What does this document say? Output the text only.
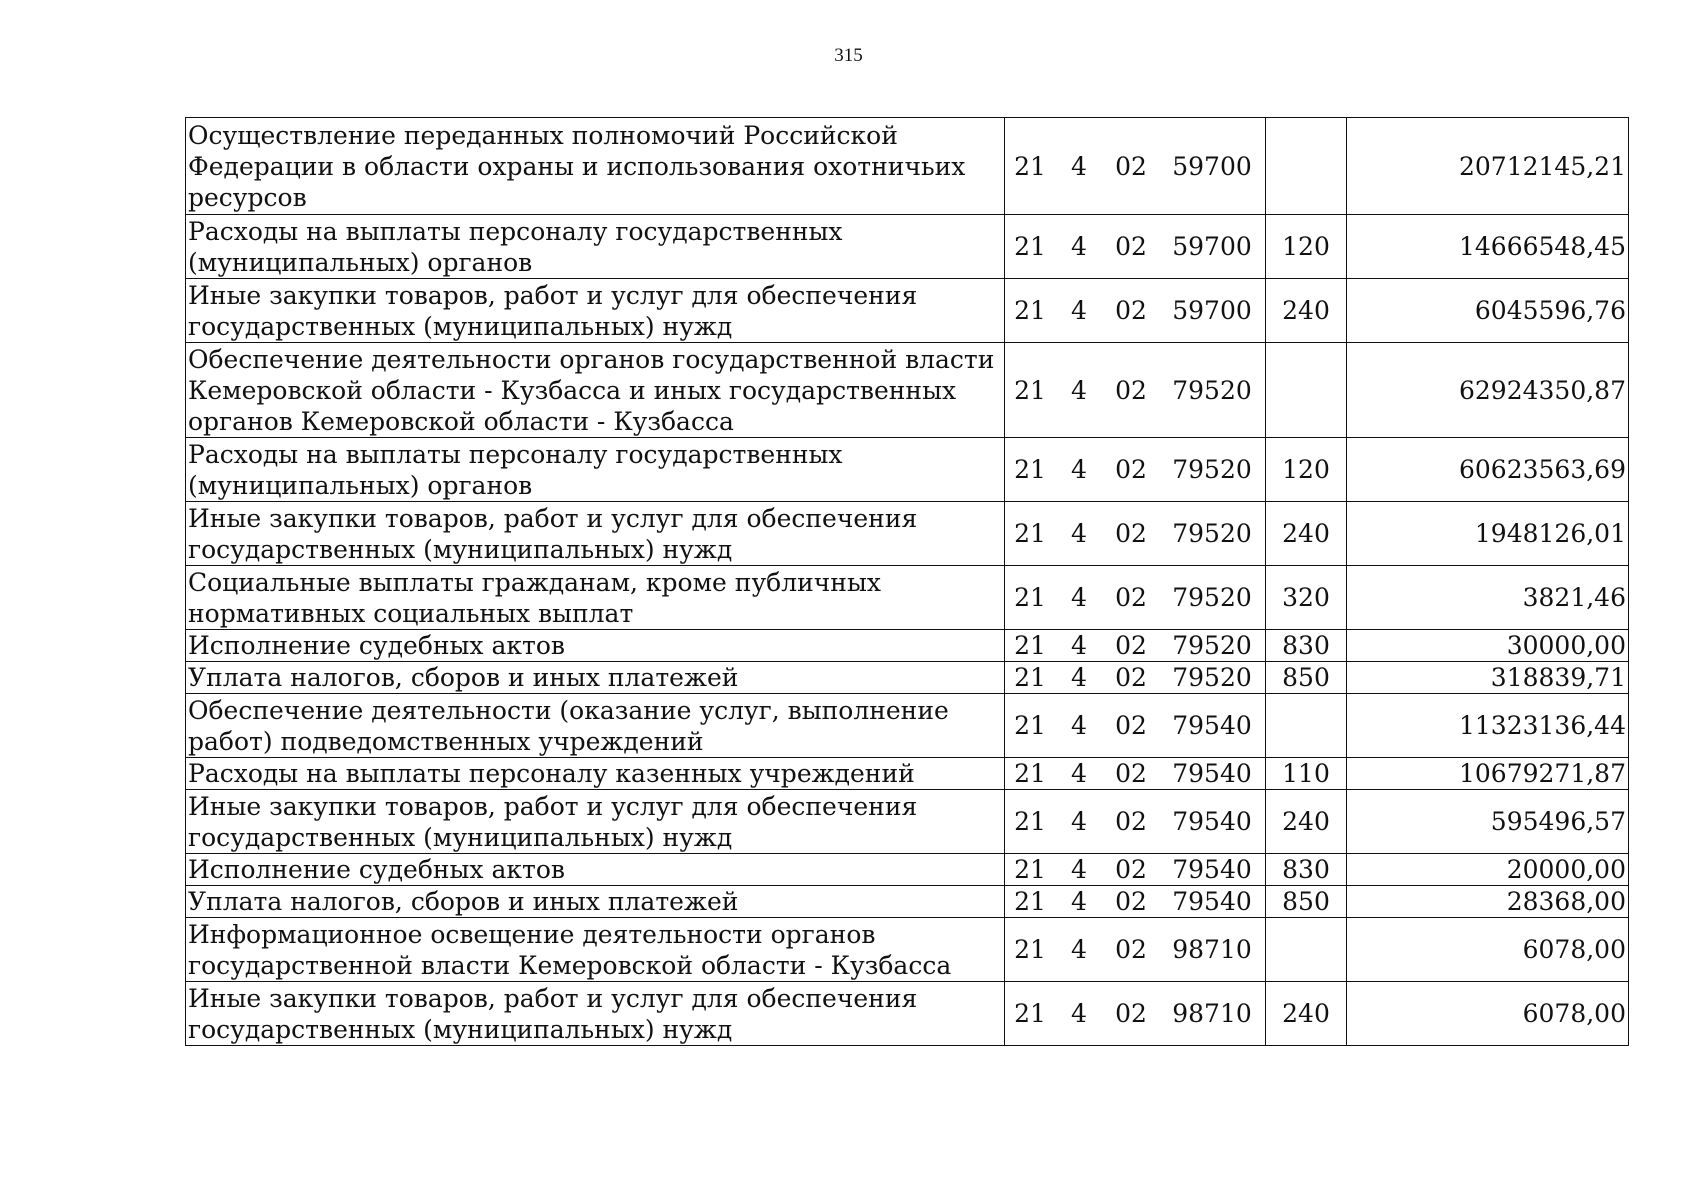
315
Осуществление переданных полномочий Российской Федерации в области охраны и использования охотничьих ресурсов	21 4 02 59700		20712145,21
Расходы на выплаты персоналу государственных (муниципальных) органов	21 4 02 59700	120	14666548,45
Иные закупки товаров, работ и услуг для обеспечения государственных (муниципальных) нужд	21 4 02 59700	240	6045596,76
Обеспечение деятельности органов государственной власти Кемеровской области - Кузбасса и иных государственных органов Кемеровской области - Кузбасса	21 4 02 79520		62924350,87
Расходы на выплаты персоналу государственных (муниципальных) органов	21 4 02 79520	120	60623563,69
Иные закупки товаров, работ и услуг для обеспечения государственных (муниципальных) нужд	21 4 02 79520	240	1948126,01
Социальные выплаты гражданам, кроме публичных нормативных социальных выплат	21 4 02 79520	320	3821,46
Исполнение судебных актов	21 4 02 79520	830	30000,00
Уплата налогов, сборов и иных платежей	21 4 02 79520	850	318839,71
Обеспечение деятельности (оказание услуг, выполнение работ) подведомственных учреждений	21 4 02 79540		11323136,44
Расходы на выплаты персоналу казенных учреждений	21 4 02 79540	110	10679271,87
Иные закупки товаров, работ и услуг для обеспечения государственных (муниципальных) нужд	21 4 02 79540	240	595496,57
Исполнение судебных актов	21 4 02 79540	830	20000,00
Уплата налогов, сборов и иных платежей	21 4 02 79540	850	28368,00
Информационное освещение деятельности органов государственной власти Кемеровской области - Кузбасса	21 4 02 98710		6078,00
Иные закупки товаров, работ и услуг для обеспечения государственных (муниципальных) нужд	21 4 02 98710	240	6078,00
